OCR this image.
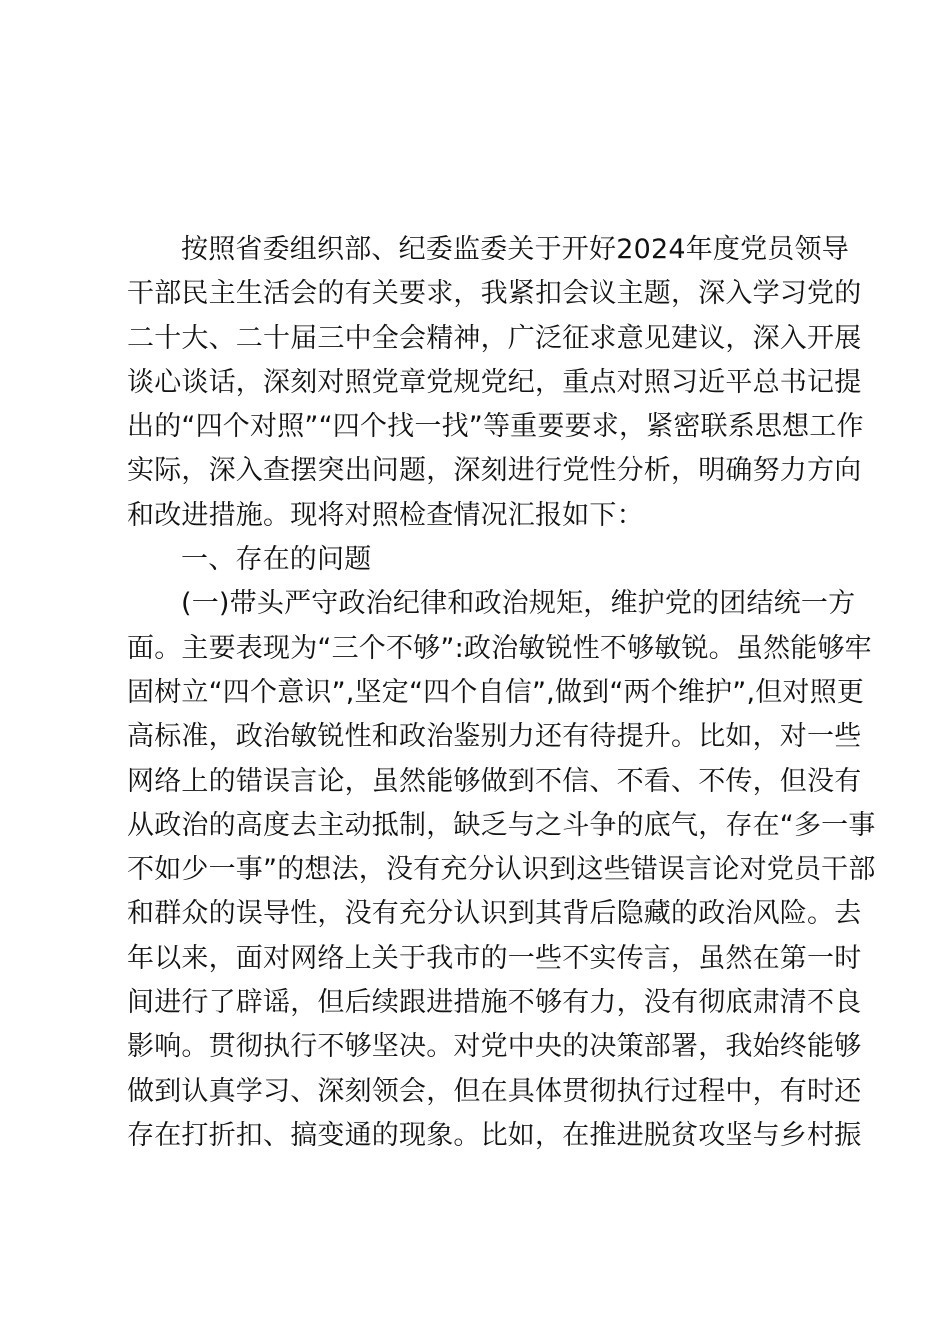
按照省委组织部、纪委监委关于开好2024年度党员领导
干部民主生活会的有关要求，我紧扣会议主题，深入学习党的
二十大、二十届三中全会精神，广泛征求意见建议，深入开展
谈心谈话，深刻对照党章党规党纪，重点对照习近平总书记提
出的“四个对照”“四个找一找”等重要要求，紧密联系思想工作
实际，深入查摆突出问题，深刻进行党性分析，明确努力方向
和改进措施。现将对照检查情况汇报如下：
一、存在的问题
(一)带头严守政治纪律和政治规矩，维护党的团结统一方
面。主要表现为“三个不够”:政治敏锐性不够敏锐。虽然能够牢
固树立“四个意识”,坚定“四个自信”,做到“两个维护”,但对照更
高标准，政治敏锐性和政治鉴别力还有待提升。比如，对一些
网络上的错误言论，虽然能够做到不信、不看、不传，但没有
从政治的高度去主动抵制，缺乏与之斗争的底气，存在“多一事
不如少一事”的想法，没有充分认识到这些错误言论对党员干部
和群众的误导性，没有充分认识到其背后隐藏的政治风险。去
年以来，面对网络上关于我市的一些不实传言，虽然在第一时
间进行了辟谣，但后续跟进措施不够有力，没有彻底肃清不良
影响。贯彻执行不够坚决。对党中央的决策部署，我始终能够
做到认真学习、深刻领会，但在具体贯彻执行过程中，有时还
存在打折扣、搞变通的现象。比如，在推进脱贫攻坚与乡村振
